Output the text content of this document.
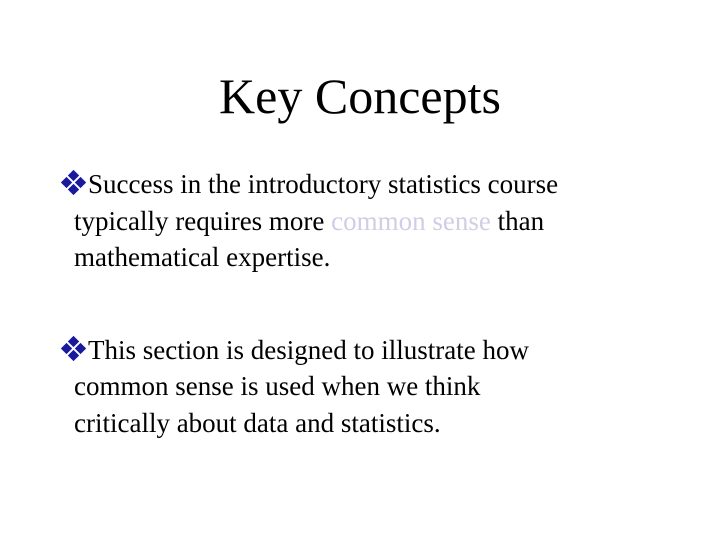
Key Concepts
Success in the introductory statistics course
typically requires more common sense than
mathematical expertise.
This section is designed to illustrate how
common sense is used when we think
critically about data and statistics.
